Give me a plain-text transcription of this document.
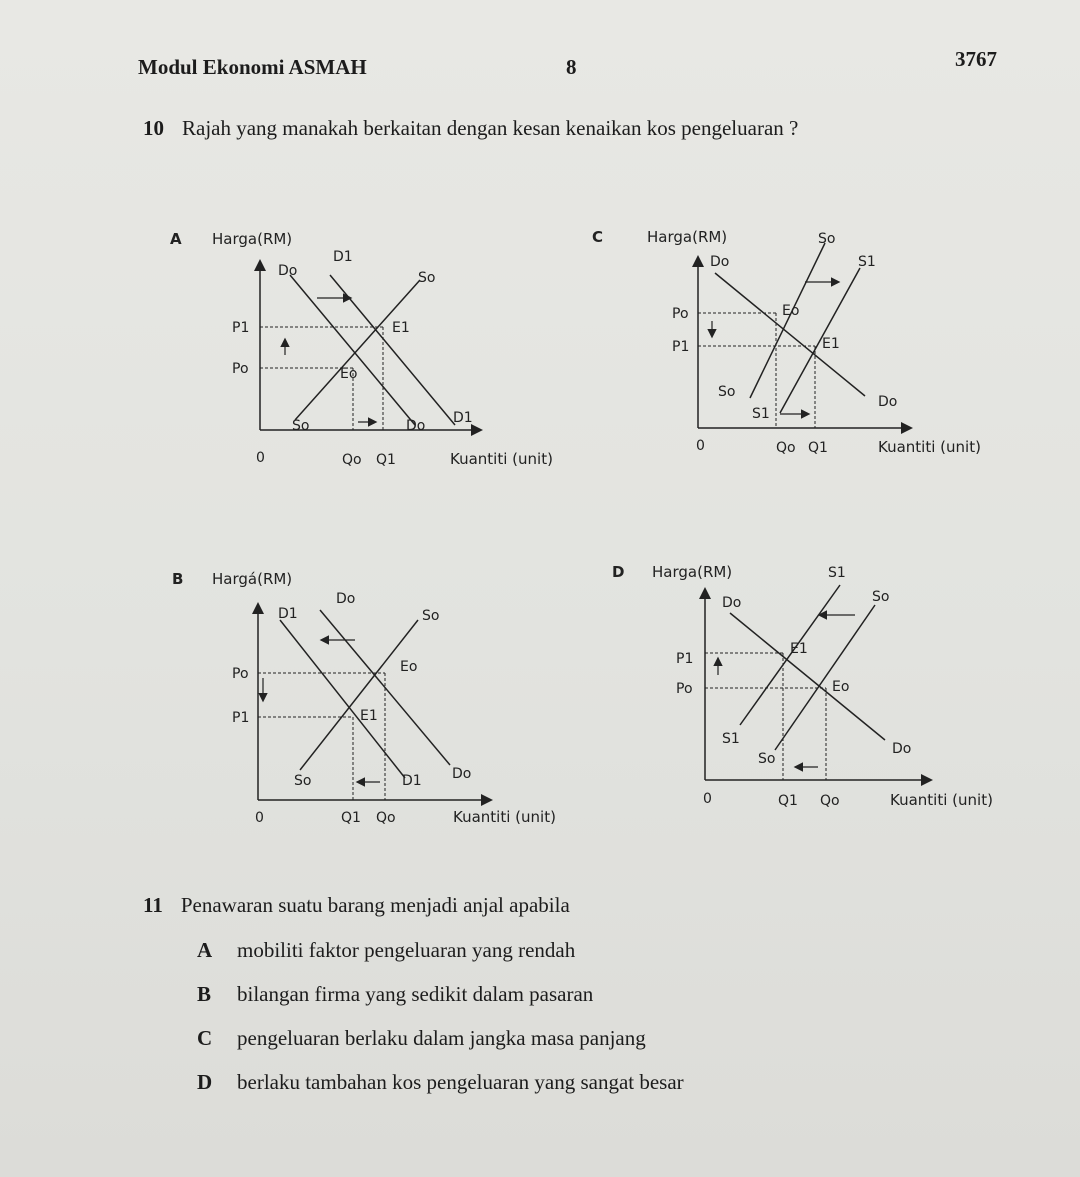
Modul Ekonomi ASMAH	8	3767
10 Rajah yang manakah berkaitan dengan kesan kenaikan kos pengeluaran ?
A Harga(RM)
Do
D1
So
P1
Po
E1
Eo
So	Do D1
0	Qo Q1	Kuantiti (unit)
C	Harga(RM)	So
S1
Do
Po
P1
Eo
E1
So
S1
Do
0	Qo Q1	Kuantiti (unit)
B Hargá(RM)
Do
D1	So
Po
P1
Eo
E1
So	D1 Do
0	Q1 Qo	Kuantiti (unit)
D Harga(RM)	S1
So
Do
P1
Po
E1
Eo
S1
So
Do
0	Q1 Qo	Kuantiti (unit)
11 Penawaran suatu barang menjadi anjal apabila
A mobiliti faktor pengeluaran yang rendah
B bilangan firma yang sedikit dalam pasaran
C pengeluaran berlaku dalam jangka masa panjang
D berlaku tambahan kos pengeluaran yang sangat besar
